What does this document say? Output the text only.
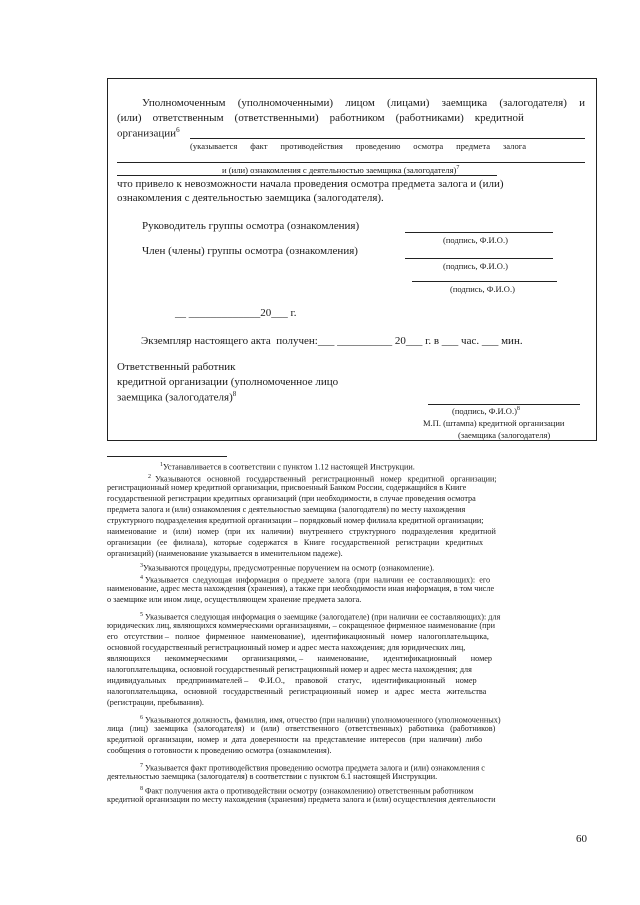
Уполномоченным (уполномоченными) лицом (лицами) заемщика (залогодателя) и
(или)    ответственным    (ответственными)    работником    (работниками)    кредитной
организации$^6$
(указывается      факт      противодействия      проведению      осмотра      предмета      залога
и (или) ознакомления с деятельностью заемщика (залогодателя)$^7$
что привело к невозможности начала проведения осмотра предмета залога и (или)
ознакомления с деятельностью заемщика (залогодателя).
Руководитель группы осмотра (ознакомления)
(подпись, Ф.И.О.)
Член (члены) группы осмотра (ознакомления)
(подпись, Ф.И.О.)
(подпись, Ф.И.О.)
__ _____________20___ г.
Экземпляр настоящего акта  получен:___ __________ 20___ г. в ___ час. ___ мин.
Ответственный работник
кредитной организации (уполномоченное лицо
заемщика (залогодателя)$^8$
(подпись, Ф.И.О.)$^8$
М.П. (штампа) кредитной организации
(заемщика (залогодателя)
$^1$Устанавливается в соответствии с пунктом 1.12 настоящей Инструкции.
$^2$ Указываются   основной   государственный   регистрационный   номер   кредитной   организации;
регистрационный номер кредитной организации, присвоенный Банком России, содержащийся в Книге
государственной регистрации кредитных организаций (при необходимости, в случае проведения осмотра
предмета залога и (или) ознакомления с деятельностью заемщика (залогодателя) по месту нахождения
структурного подразделения кредитной организации – порядковый номер филиала кредитной организации;
наименование   и   (или)   номер   (при   их   наличии)   внутреннего   структурного   подразделения   кредитной
организации   (ее   филиала),   которые   содержатся   в   Книге   государственной   регистрации   кредитных
организаций) (наименование указывается в именительном падеже).
$^3$Указываются процедуры, предусмотренные поручением на осмотр (ознакомление).
$^4$ Указывается  следующая  информация  о  предмете  залога  (при  наличии  ее  составляющих):  его
наименование, адрес места нахождения (хранения), а также при необходимости иная информация, в том числе
о заемщике или ином лице, осуществляющем хранение предмета залога.
$^5$ Указывается следующая информация о заемщике (залогодателе) (при наличии ее составляющих): для
юридических лиц, являющихся коммерческими организациями, – сокращенное фирменное наименование (при
его   отсутствии –   полное   фирменное   наименование),   идентификационный   номер   налогоплательщика,
основной государственный регистрационный номер и адрес места нахождения; для юридических лиц,
являющихся       некоммерческими       организациями, –       наименование,       идентификационный       номер
налогоплательщика, основной государственный регистрационный номер и адрес места нахождения; для
индивидуальных     предпринимателей –     Ф.И.О.,     правовой     статус,     идентификационный     номер
налогоплательщика,   основной   государственный   регистрационный   номер   и   адрес   места   жительства
(регистрации, пребывания).
$^6$ Указываются должность, фамилия, имя, отчество (при наличии) уполномоченного (уполномоченных)
лица   (лиц)   заемщика   (залогодателя)   и   (или)   ответственного   (ответственных)   работника   (работников)
кредитной  организации,  номер  и  дата  доверенности  на  представление  интересов  (при  наличии)  либо
сообщения о готовности к проведению осмотра (ознакомления).
$^7$ Указывается факт противодействия проведению осмотра предмета залога и (или) ознакомления с
деятельностью заемщика (залогодателя) в соответствии с пунктом 6.1 настоящей Инструкции.
$^8$ Факт получения акта о противодействии осмотру (ознакомлению) ответственным работником
кредитной организации по месту нахождения (хранения) предмета залога и (или) осуществления деятельности
60
